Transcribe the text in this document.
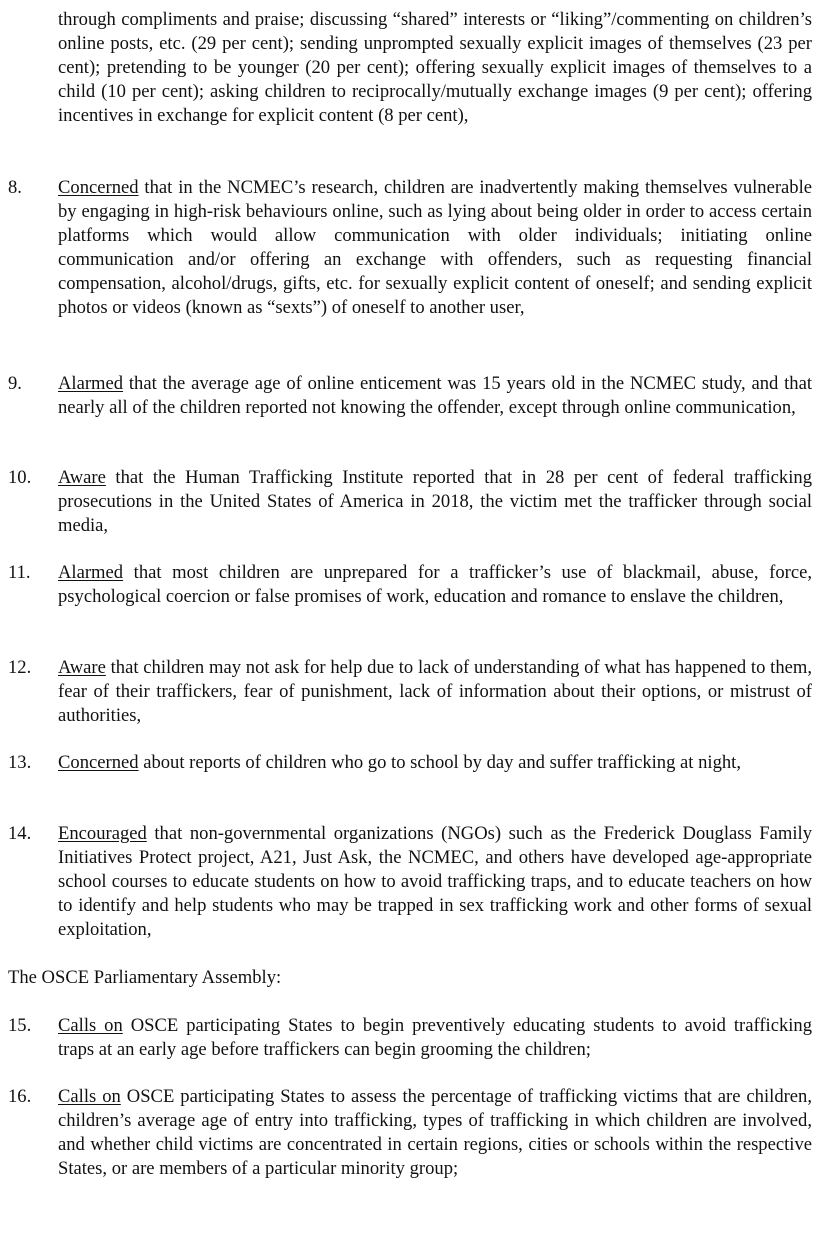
through compliments and praise; discussing “shared” interests or “liking”/commenting on children’s online posts, etc. (29 per cent); sending unprompted sexually explicit images of themselves (23 per cent); pretending to be younger (20 per cent); offering sexually explicit images of themselves to a child (10 per cent); asking children to reciprocally/mutually exchange images (9 per cent); offering incentives in exchange for explicit content (8 per cent),
8.	Concerned that in the NCMEC’s research, children are inadvertently making themselves vulnerable by engaging in high-risk behaviours online, such as lying about being older in order to access certain platforms which would allow communication with older individuals; initiating online communication and/or offering an exchange with offenders, such as requesting financial compensation, alcohol/drugs, gifts, etc. for sexually explicit content of oneself; and sending explicit photos or videos (known as “sexts”) of oneself to another user,
9.	Alarmed that the average age of online enticement was 15 years old in the NCMEC study, and that nearly all of the children reported not knowing the offender, except through online communication,
10.	Aware that the Human Trafficking Institute reported that in 28 per cent of federal trafficking prosecutions in the United States of America in 2018, the victim met the trafficker through social media,
11.	Alarmed that most children are unprepared for a trafficker’s use of blackmail, abuse, force, psychological coercion or false promises of work, education and romance to enslave the children,
12.	Aware that children may not ask for help due to lack of understanding of what has happened to them, fear of their traffickers, fear of punishment, lack of information about their options, or mistrust of authorities,
13.	Concerned about reports of children who go to school by day and suffer trafficking at night,
14.	Encouraged that non-governmental organizations (NGOs) such as the Frederick Douglass Family Initiatives Protect project, A21, Just Ask, the NCMEC, and others have developed age-appropriate school courses to educate students on how to avoid trafficking traps, and to educate teachers on how to identify and help students who may be trapped in sex trafficking work and other forms of sexual exploitation,
The OSCE Parliamentary Assembly:
15.	Calls on OSCE participating States to begin preventively educating students to avoid trafficking traps at an early age before traffickers can begin grooming the children;
16.	Calls on OSCE participating States to assess the percentage of trafficking victims that are children, children’s average age of entry into trafficking, types of trafficking in which children are involved, and whether child victims are concentrated in certain regions, cities or schools within the respective States, or are members of a particular minority group;
